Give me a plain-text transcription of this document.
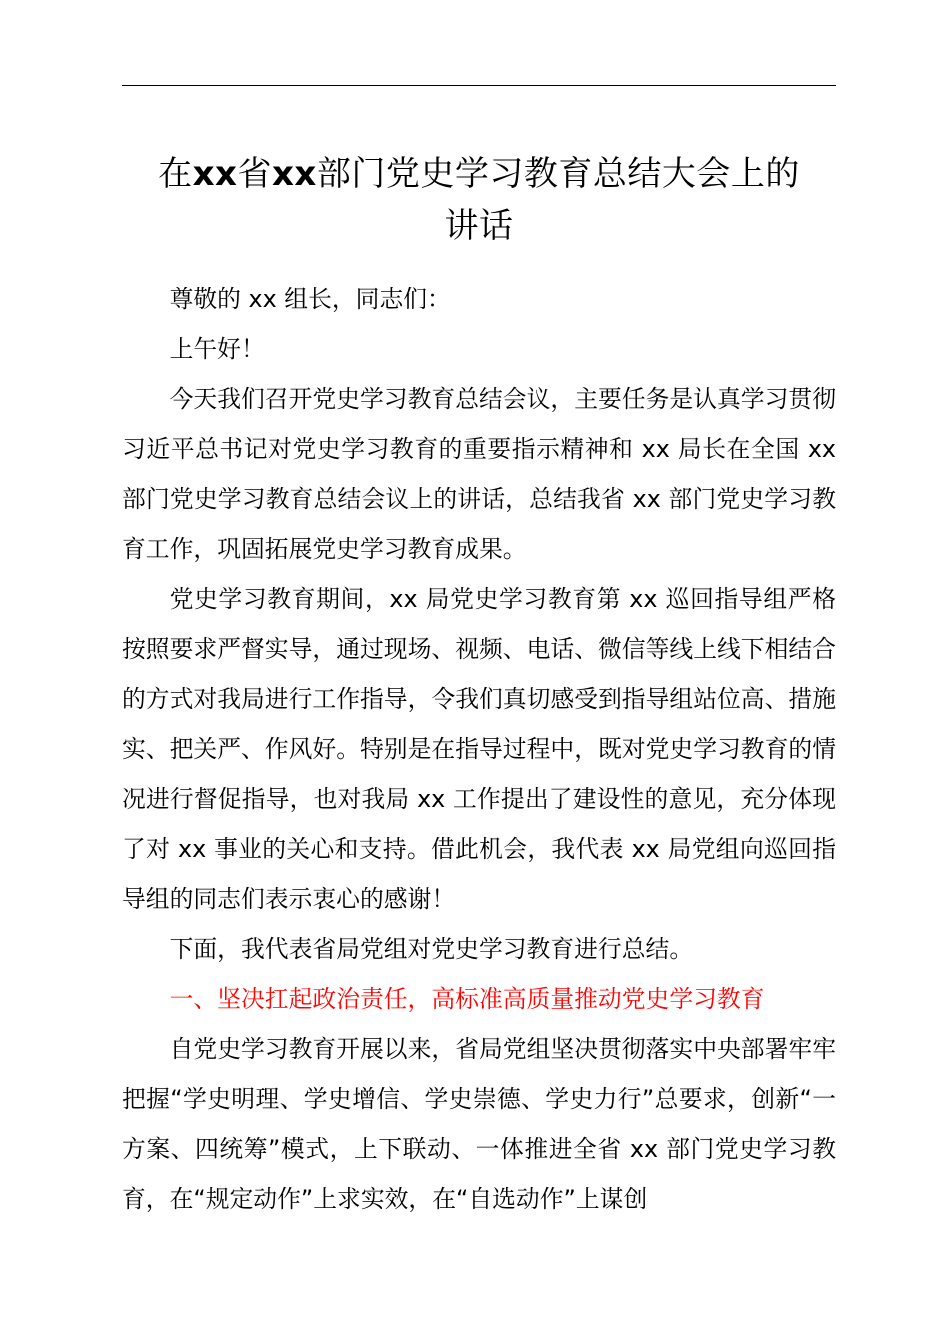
在xx省xx部门党史学习教育总结大会上的
讲话

尊敬的 xx 组长，同志们：

上午好！

今天我们召开党史学习教育总结会议，主要任务是认真学习贯彻习近平总书记对党史学习教育的重要指示精神和 xx 局长在全国 xx 部门党史学习教育总结会议上的讲话，总结我省 xx 部门党史学习教育工作，巩固拓展党史学习教育成果。

党史学习教育期间，xx 局党史学习教育第 xx 巡回指导组严格按照要求严督实导，通过现场、视频、电话、微信等线上线下相结合的方式对我局进行工作指导，令我们真切感受到指导组站位高、措施实、把关严、作风好。特别是在指导过程中，既对党史学习教育的情况进行督促指导，也对我局 xx 工作提出了建设性的意见，充分体现了对 xx 事业的关心和支持。借此机会，我代表 xx 局党组向巡回指导组的同志们表示衷心的感谢！

下面，我代表省局党组对党史学习教育进行总结。

一、坚决扛起政治责任，高标准高质量推动党史学习教育

自党史学习教育开展以来，省局党组坚决贯彻落实中央部署牢牢把握“学史明理、学史增信、学史崇德、学史力行”总要求，创新“一方案、四统筹”模式，上下联动、一体推进全省 xx 部门党史学习教育，在“规定动作”上求实效，在“自选动作”上谋创
